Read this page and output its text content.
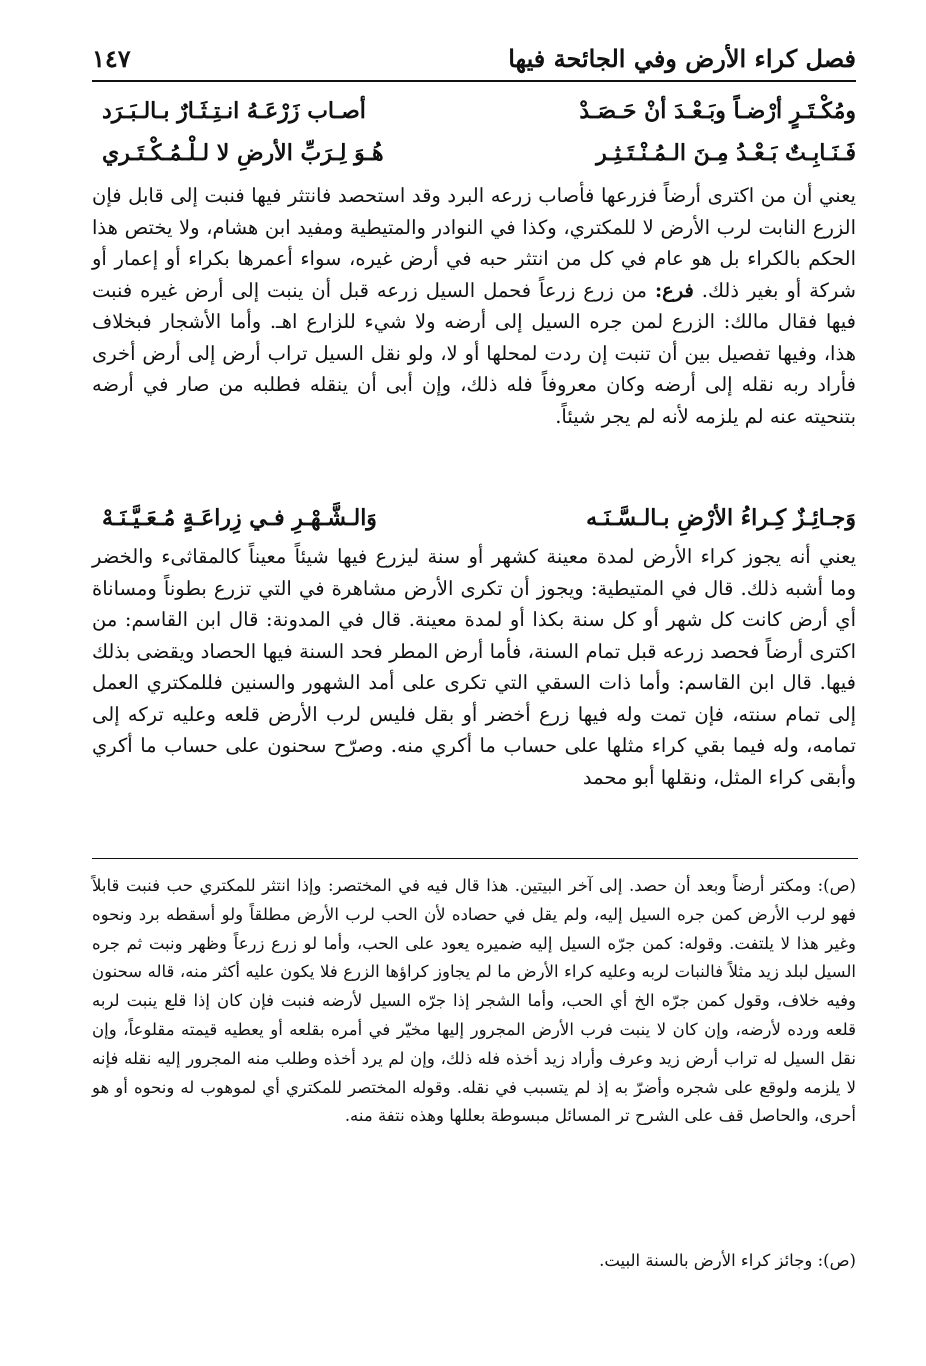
فصل كراء الأرض وفي الجائحة فيها
١٤٧
ومُكْـتَـرٍ أرْضـاً وبَـعْـدَ أنْ حَـصَـدْ
أصـاب زَرْعَـهُ انـتِـثَـارٌ بـالـبَـرَد
فَـنَـابِـتٌ بَـعْـدُ مِـنَ الـمُـنْـتَـثِـر
هُـوَ لِـرَبِّ الأرضِ لا لـلْـمُـكْـتَـري

يعني أن من اكترى أرضاً فزرعها فأصاب زرعه البرد وقد استحصد فانتثر فيها فنبت إلى قابل فإن الزرع النابت لرب الأرض لا للمكتري، وكذا في النوادر والمتيطية ومفيد ابن هشام، ولا يختص هذا الحكم بالكراء بل هو عام في كل من انتثر حبه في أرض غيره، سواء أعمرها بكراء أو إعمار أو شركة أو بغير ذلك. فرع: من زرع زرعاً فحمل السيل زرعه قبل أن ينبت إلى أرض غيره فنبت فيها فقال مالك: الزرع لمن جره السيل إلى أرضه ولا شيء للزارع اهـ. وأما الأشجار فبخلاف هذا، وفيها تفصيل بين أن تنبت إن ردت لمحلها أو لا، ولو نقل السيل تراب أرض إلى أرض أخرى فأراد ربه نقله إلى أرضه وكان معروفاً فله ذلك، وإن أبى أن ينقله فطلبه من صار في أرضه بتنحيته عنه لم يلزمه لأنه لم يجر شيئاً.

وَجـائِـزٌ كِـراءُ الأرْضِ بـالـسَّـنَـه
وَالـشَّـهْـرِ فـي زِراعَـةٍ مُـعَـيَّـنَـهْ

يعني أنه يجوز كراء الأرض لمدة معينة كشهر أو سنة ليزرع فيها شيئاً معيناً كالمقاثىء والخضر وما أشبه ذلك. قال في المتيطية: ويجوز أن تكرى الأرض مشاهرة في التي تزرع بطوناً ومساناة أي أرض كانت كل شهر أو كل سنة بكذا أو لمدة معينة. قال في المدونة: قال ابن القاسم: من اكترى أرضاً فحصد زرعه قبل تمام السنة، فأما أرض المطر فحد السنة فيها الحصاد ويقضى بذلك فيها. قال ابن القاسم: وأما ذات السقي التي تكرى على أمد الشهور والسنين فللمكتري العمل إلى تمام سنته، فإن تمت وله فيها زرع أخضر أو بقل فليس لرب الأرض قلعه وعليه تركه إلى تمامه، وله فيما بقي كراء مثلها على حساب ما أكري منه. وصرّح سحنون على حساب ما أكري وأبقى كراء المثل، ونقلها أبو محمد

(ص): ومكتر أرضاً وبعد أن حصد. إلى آخر البيتين. هذا قال فيه في المختصر: وإذا انتثر للمكتري حب فنبت قابلاً فهو لرب الأرض كمن جره السيل إليه، ولم يقل في حصاده لأن الحب لرب الأرض مطلقاً ولو أسقطه برد ونحوه وغير هذا لا يلتفت. وقوله: كمن جرّه السيل إليه ضميره يعود على الحب، وأما لو زرع زرعاً وظهر ونبت ثم جره السيل لبلد زيد مثلاً فالنبات لربه وعليه كراء الأرض ما لم يجاوز كراؤها الزرع فلا يكون عليه أكثر منه، قاله سحنون وفيه خلاف، وقول كمن جرّه الخ أي الحب، وأما الشجر إذا جرّه السيل لأرضه فنبت فإن كان إذا قلع ينبت لربه قلعه ورده لأرضه، وإن كان لا ينبت فرب الأرض المجرور إليها مخيّر في أمره بقلعه أو يعطيه قيمته مقلوعاً، وإن نقل السيل له تراب أرض زيد وعرف وأراد زيد أخذه فله ذلك، وإن لم يرد أخذه وطلب منه المجرور إليه نقله فإنه لا يلزمه ولوقع على شجره وأضرّ به إذ لم يتسبب في نقله. وقوله المختصر للمكتري أي لموهوب له ونحوه أو هو أحرى، والحاصل قف على الشرح تر المسائل مبسوطة بعللها وهذه نتفة منه.

(ص): وجائز كراء الأرض بالسنة البيت.
